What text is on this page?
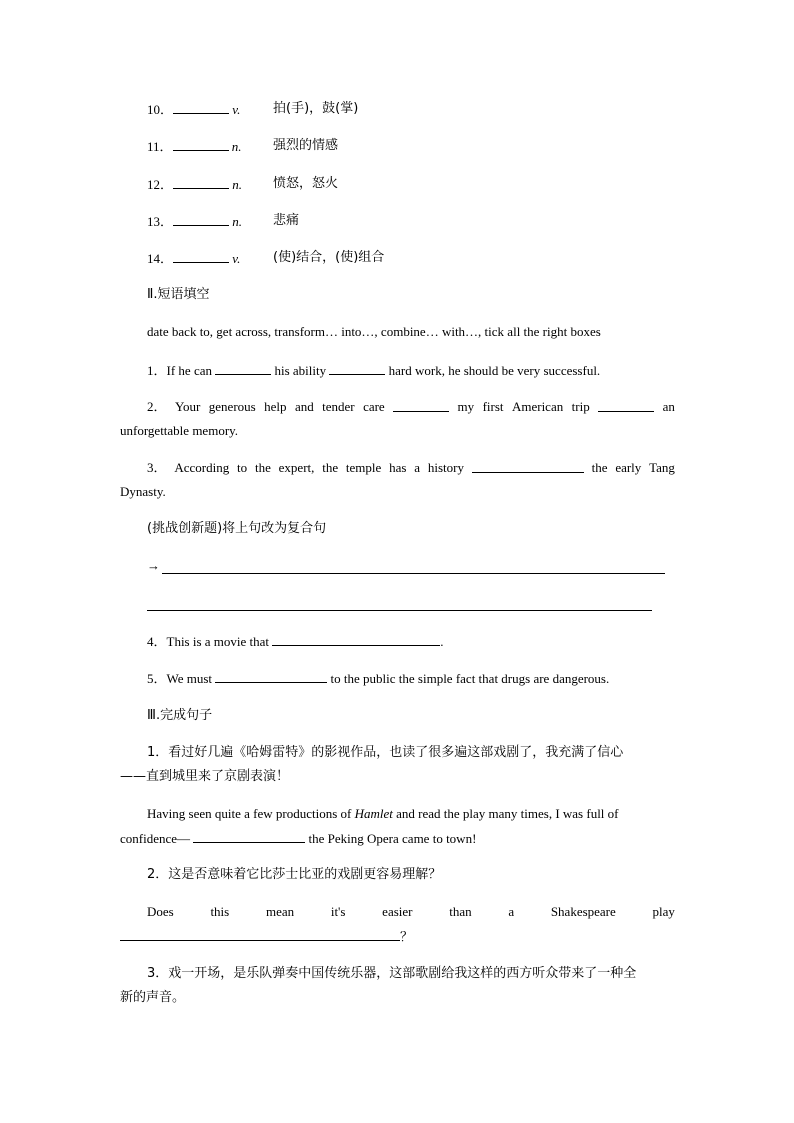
10．	v.	拍(手)，鼓(掌)
11．	n. 强烈的情感
12．	n. 愤怒，怒火
13．	n. 悲痛
14．	v.	(使)结合，(使)组合
Ⅱ.短语填空
date back to, get across, transform… into…, combine… with…, tick all the right boxes
1．If he can	his ability	hard work, he should be very successful.
2． Your generous help and tender care	my first American trip	an
unforgettable memory.
3． According to the expert, the temple has a history	the early Tang
Dynasty.
(挑战创新题)将上句改为复合句
→
4．This is a movie that	.
5．We must	to the public the simple fact that drugs are dangerous.
Ⅲ.完成句子
1．看过好几遍《哈姆雷特》的影视作品，也读了很多遍这部戏剧了，我充满了信心
——直到城里来了京剧表演！
Having seen quite a few productions of Hamlet and read the play many times, I was full of
confidence—	the Peking Opera came to town!
2．这是否意味着它比莎士比亚的戏剧更容易理解？
Does	this	mean	it's	easier	than	a	Shakespeare	play
？
3．戏一开场，是乐队弹奏中国传统乐器，这部歌剧给我这样的西方听众带来了一种全
新的声音。
